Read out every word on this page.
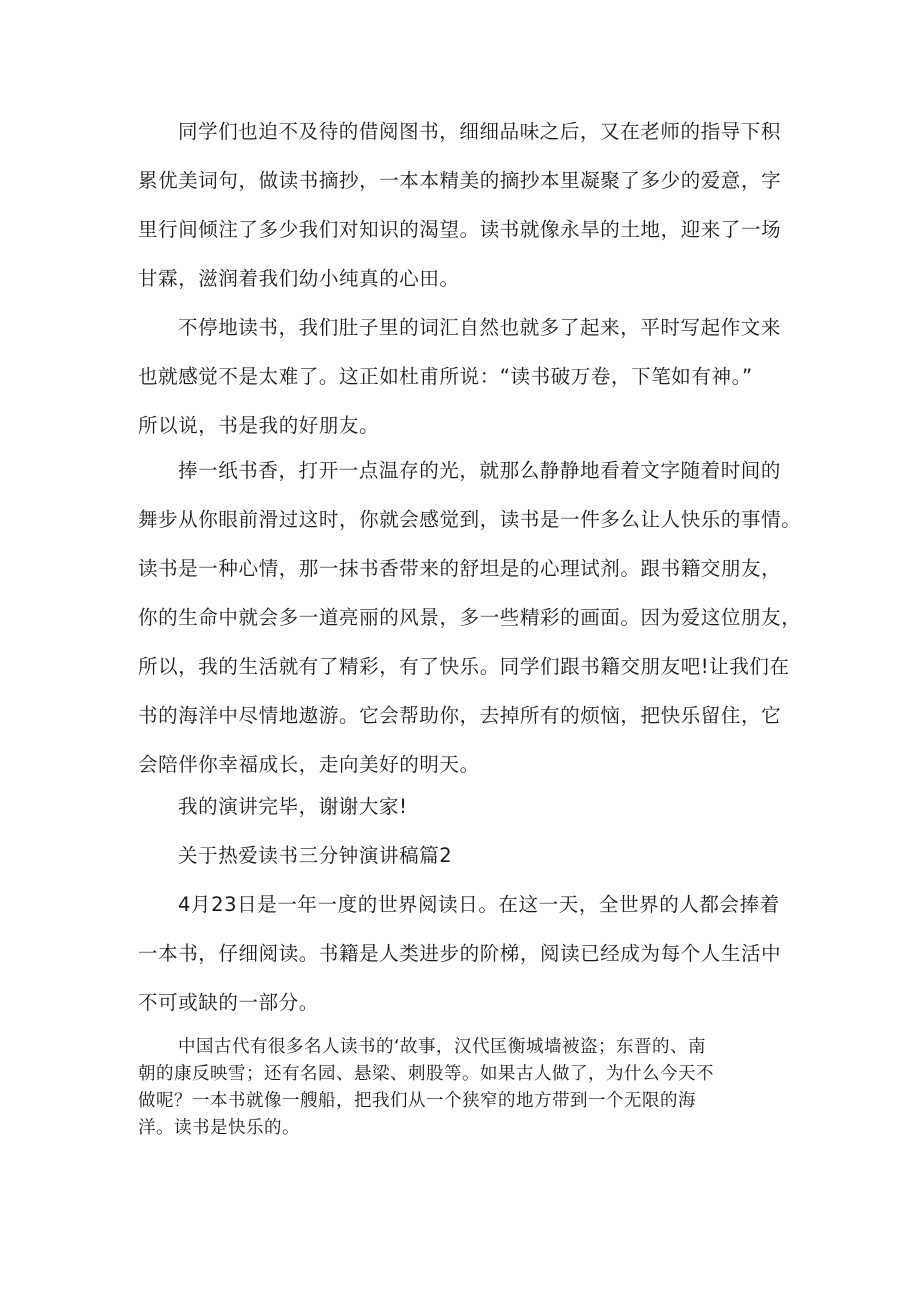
同学们也迫不及待的借阅图书，细细品味之后，又在老师的指导下积
累优美词句，做读书摘抄，一本本精美的摘抄本里凝聚了多少的爱意，字
里行间倾注了多少我们对知识的渴望。读书就像永旱的土地，迎来了一场
甘霖，滋润着我们幼小纯真的心田。
不停地读书，我们肚子里的词汇自然也就多了起来，平时写起作文来
也就感觉不是太难了。这正如杜甫所说：“读书破万卷，下笔如有神。”
所以说，书是我的好朋友。
捧一纸书香，打开一点温存的光，就那么静静地看着文字随着时间的
舞步从你眼前滑过这时，你就会感觉到，读书是一件多么让人快乐的事情。
读书是一种心情，那一抹书香带来的舒坦是的心理试剂。跟书籍交朋友，
你的生命中就会多一道亮丽的风景，多一些精彩的画面。因为爱这位朋友，
所以，我的生活就有了精彩，有了快乐。同学们跟书籍交朋友吧!让我们在
书的海洋中尽情地遨游。它会帮助你，去掉所有的烦恼，把快乐留住，它
会陪伴你幸福成长，走向美好的明天。
我的演讲完毕，谢谢大家!
关于热爱读书三分钟演讲稿篇2
4月23日是一年一度的世界阅读日。在这一天，全世界的人都会捧着
一本书，仔细阅读。书籍是人类进步的阶梯，阅读已经成为每个人生活中
不可或缺的一部分。
中国古代有很多名人读书的‘故事，汉代匡衡城墙被盗；东晋的、南
朝的康反映雪；还有名园、悬梁、刺股等。如果古人做了，为什么今天不
做呢？一本书就像一艘船，把我们从一个狭窄的地方带到一个无限的海
洋。读书是快乐的。
